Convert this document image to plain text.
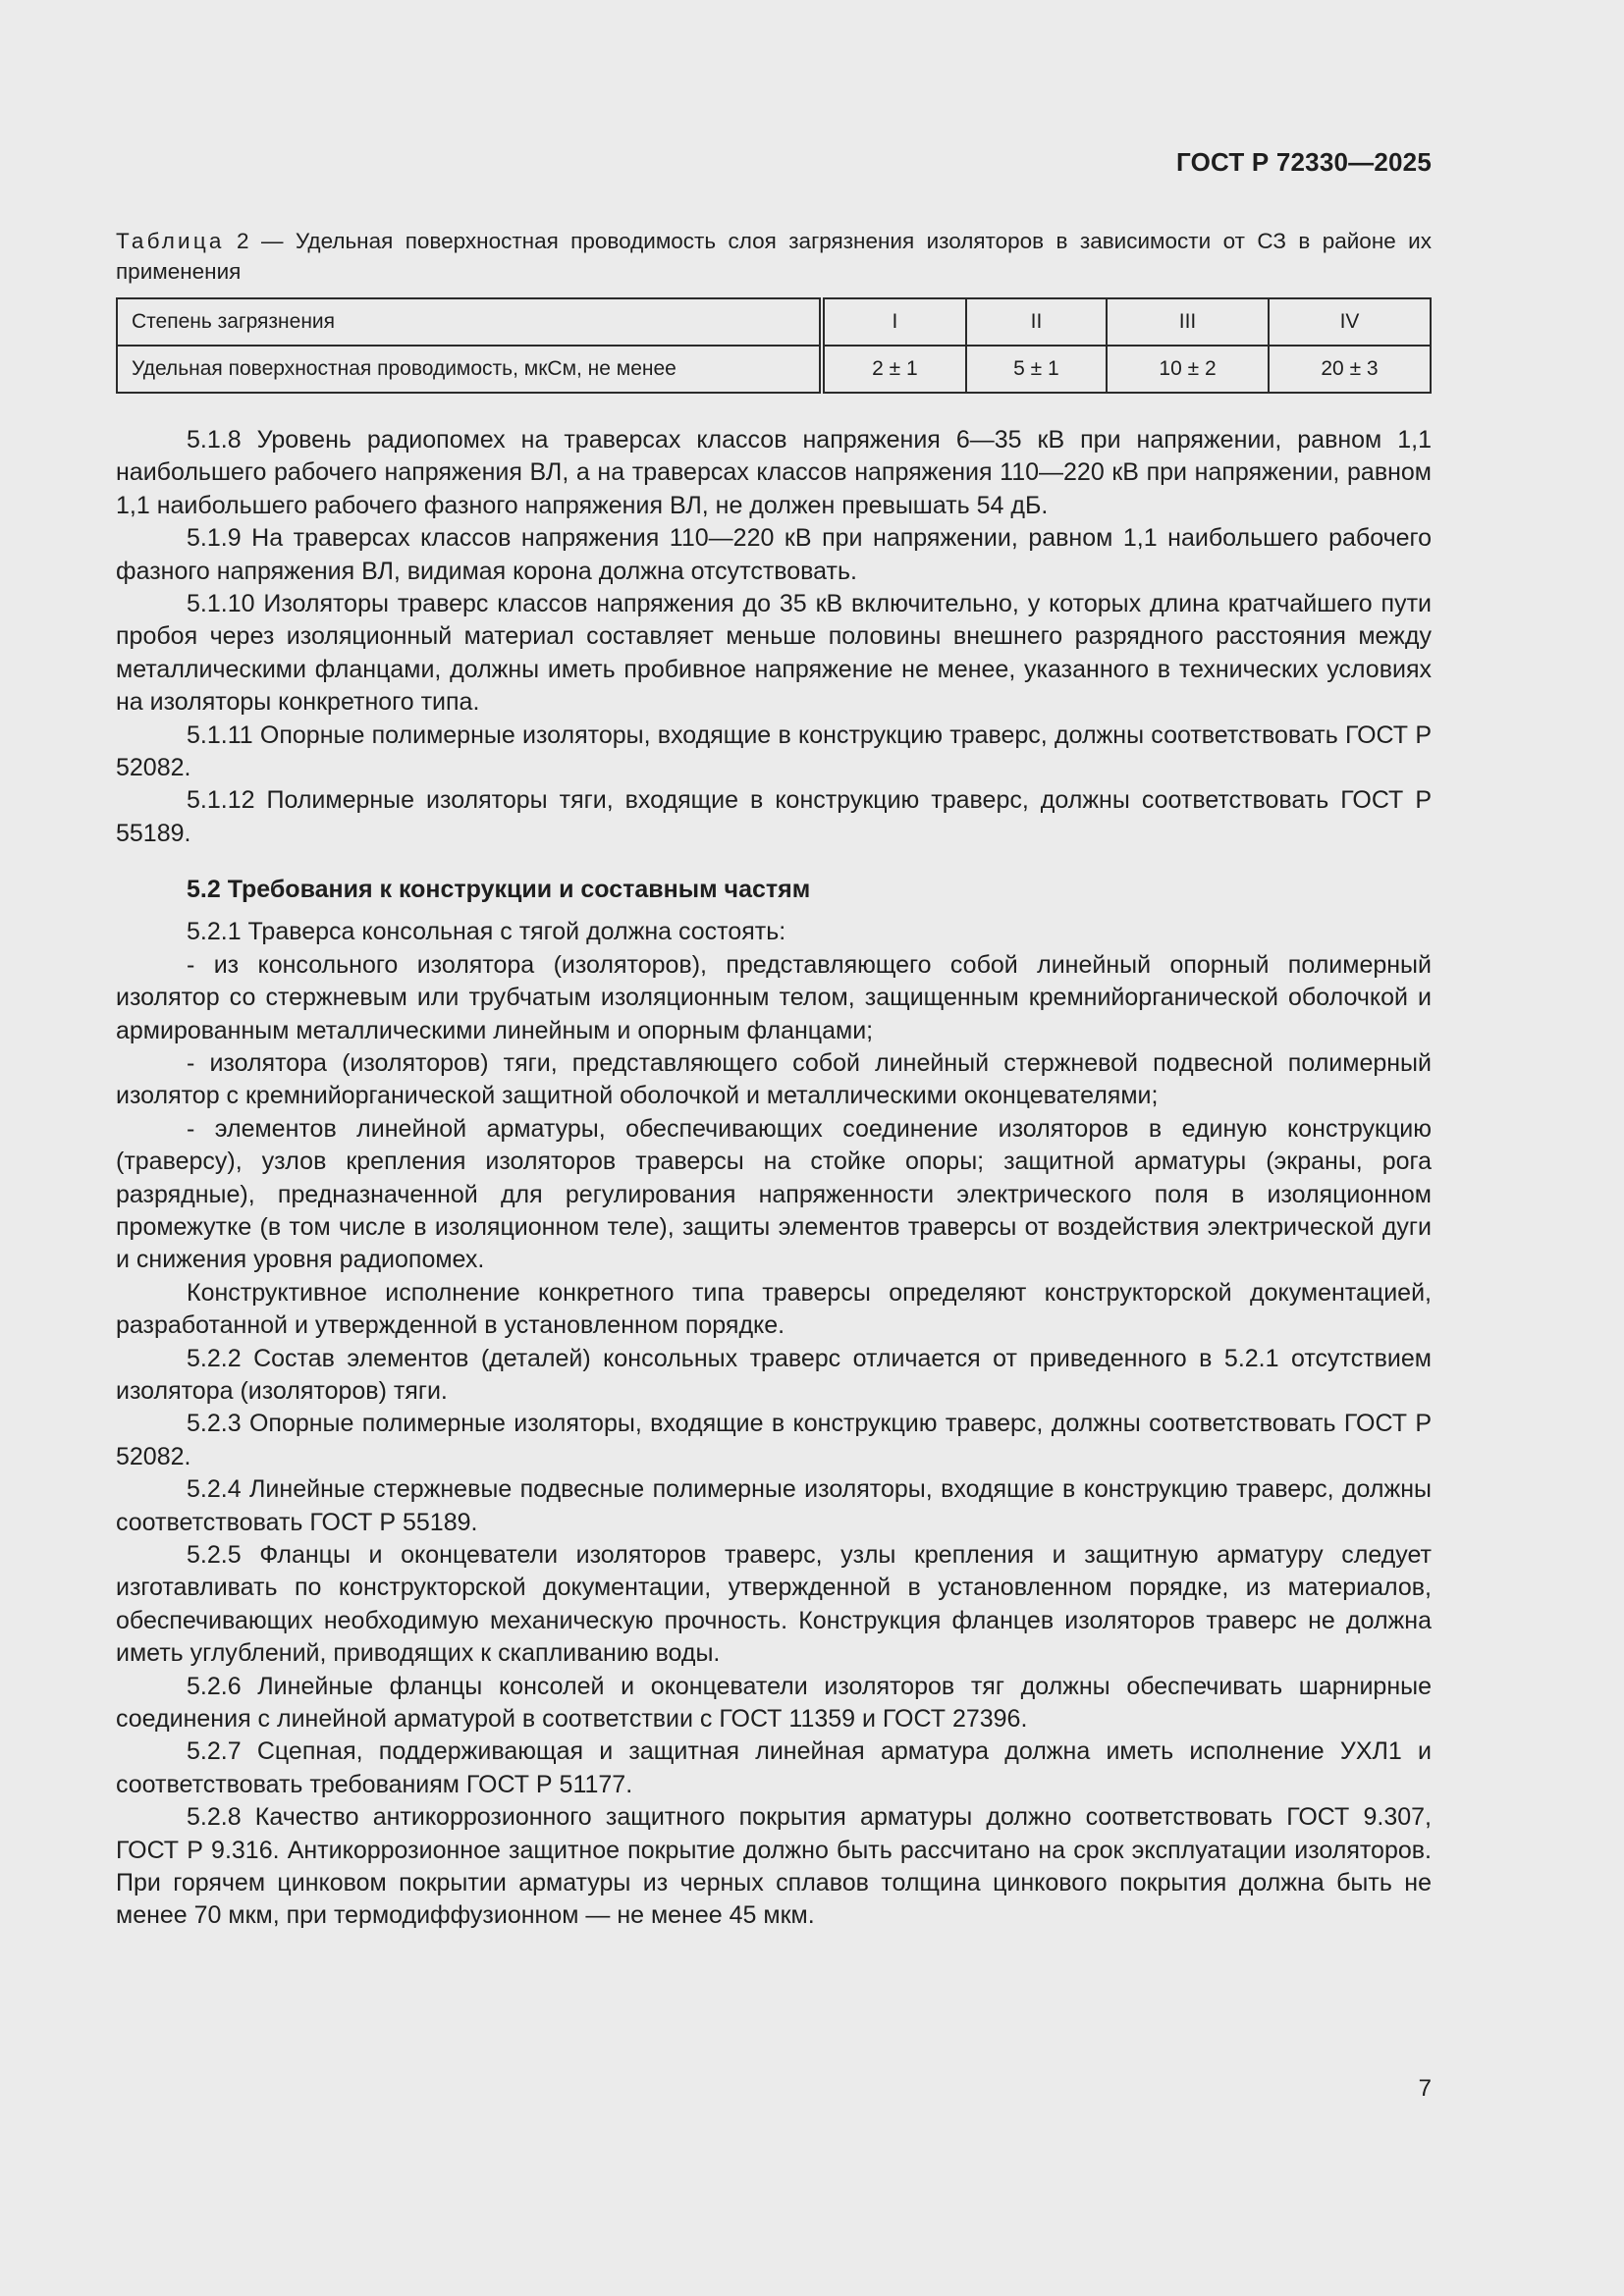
ГОСТ Р 72330—2025
Таблица 2 — Удельная поверхностная проводимость слоя загрязнения изоляторов в зависимости от СЗ в районе их применения
Степень загрязнения	I	II	III	IV
Удельная поверхностная проводимость, мкСм, не менее	2 ± 1	5 ± 1	10 ± 2	20 ± 3

5.1.8 Уровень радиопомех на траверсах классов напряжения 6—35 кВ при напряжении, равном 1,1 наибольшего рабочего напряжения ВЛ, а на траверсах классов напряжения 110—220 кВ при напряжении, равном 1,1 наибольшего рабочего фазного напряжения ВЛ, не должен превышать 54 дБ.

5.1.9 На траверсах классов напряжения 110—220 кВ при напряжении, равном 1,1 наибольшего рабочего фазного напряжения ВЛ, видимая корона должна отсутствовать.

5.1.10 Изоляторы траверс классов напряжения до 35 кВ включительно, у которых длина кратчайшего пути пробоя через изоляционный материал составляет меньше половины внешнего разрядного расстояния между металлическими фланцами, должны иметь пробивное напряжение не менее, указанного в технических условиях на изоляторы конкретного типа.

5.1.11 Опорные полимерные изоляторы, входящие в конструкцию траверс, должны соответствовать ГОСТ Р 52082.

5.1.12 Полимерные изоляторы тяги, входящие в конструкцию траверс, должны соответствовать ГОСТ Р 55189.

5.2 Требования к конструкции и составным частям

5.2.1 Траверса консольная с тягой должна состоять:

- из консольного изолятора (изоляторов), представляющего собой линейный опорный полимерный изолятор со стержневым или трубчатым изоляционным телом, защищенным кремнийорганической оболочкой и армированным металлическими линейным и опорным фланцами;

- изолятора (изоляторов) тяги, представляющего собой линейный стержневой подвесной полимерный изолятор с кремнийорганической защитной оболочкой и металлическими оконцевателями;

- элементов линейной арматуры, обеспечивающих соединение изоляторов в единую конструкцию (траверсу), узлов крепления изоляторов траверсы на стойке опоры; защитной арматуры (экраны, рога разрядные), предназначенной для регулирования напряженности электрического поля в изоляционном промежутке (в том числе в изоляционном теле), защиты элементов траверсы от воздействия электрической дуги и снижения уровня радиопомех.

Конструктивное исполнение конкретного типа траверсы определяют конструкторской документацией, разработанной и утвержденной в установленном порядке.

5.2.2 Состав элементов (деталей) консольных траверс отличается от приведенного в 5.2.1 отсутствием изолятора (изоляторов) тяги.

5.2.3 Опорные полимерные изоляторы, входящие в конструкцию траверс, должны соответствовать ГОСТ Р 52082.

5.2.4 Линейные стержневые подвесные полимерные изоляторы, входящие в конструкцию траверс, должны соответствовать ГОСТ Р 55189.

5.2.5 Фланцы и оконцеватели изоляторов траверс, узлы крепления и защитную арматуру следует изготавливать по конструкторской документации, утвержденной в установленном порядке, из материалов, обеспечивающих необходимую механическую прочность. Конструкция фланцев изоляторов траверс не должна иметь углублений, приводящих к скапливанию воды.

5.2.6 Линейные фланцы консолей и оконцеватели изоляторов тяг должны обеспечивать шарнирные соединения с линейной арматурой в соответствии с ГОСТ 11359 и ГОСТ 27396.

5.2.7 Сцепная, поддерживающая и защитная линейная арматура должна иметь исполнение УХЛ1 и соответствовать требованиям ГОСТ Р 51177.

5.2.8 Качество антикоррозионного защитного покрытия арматуры должно соответствовать ГОСТ 9.307, ГОСТ Р 9.316. Антикоррозионное защитное покрытие должно быть рассчитано на срок эксплуатации изоляторов. При горячем цинковом покрытии арматуры из черных сплавов толщина цинкового покрытия должна быть не менее 70 мкм, при термодиффузионном — не менее 45 мкм.

7
